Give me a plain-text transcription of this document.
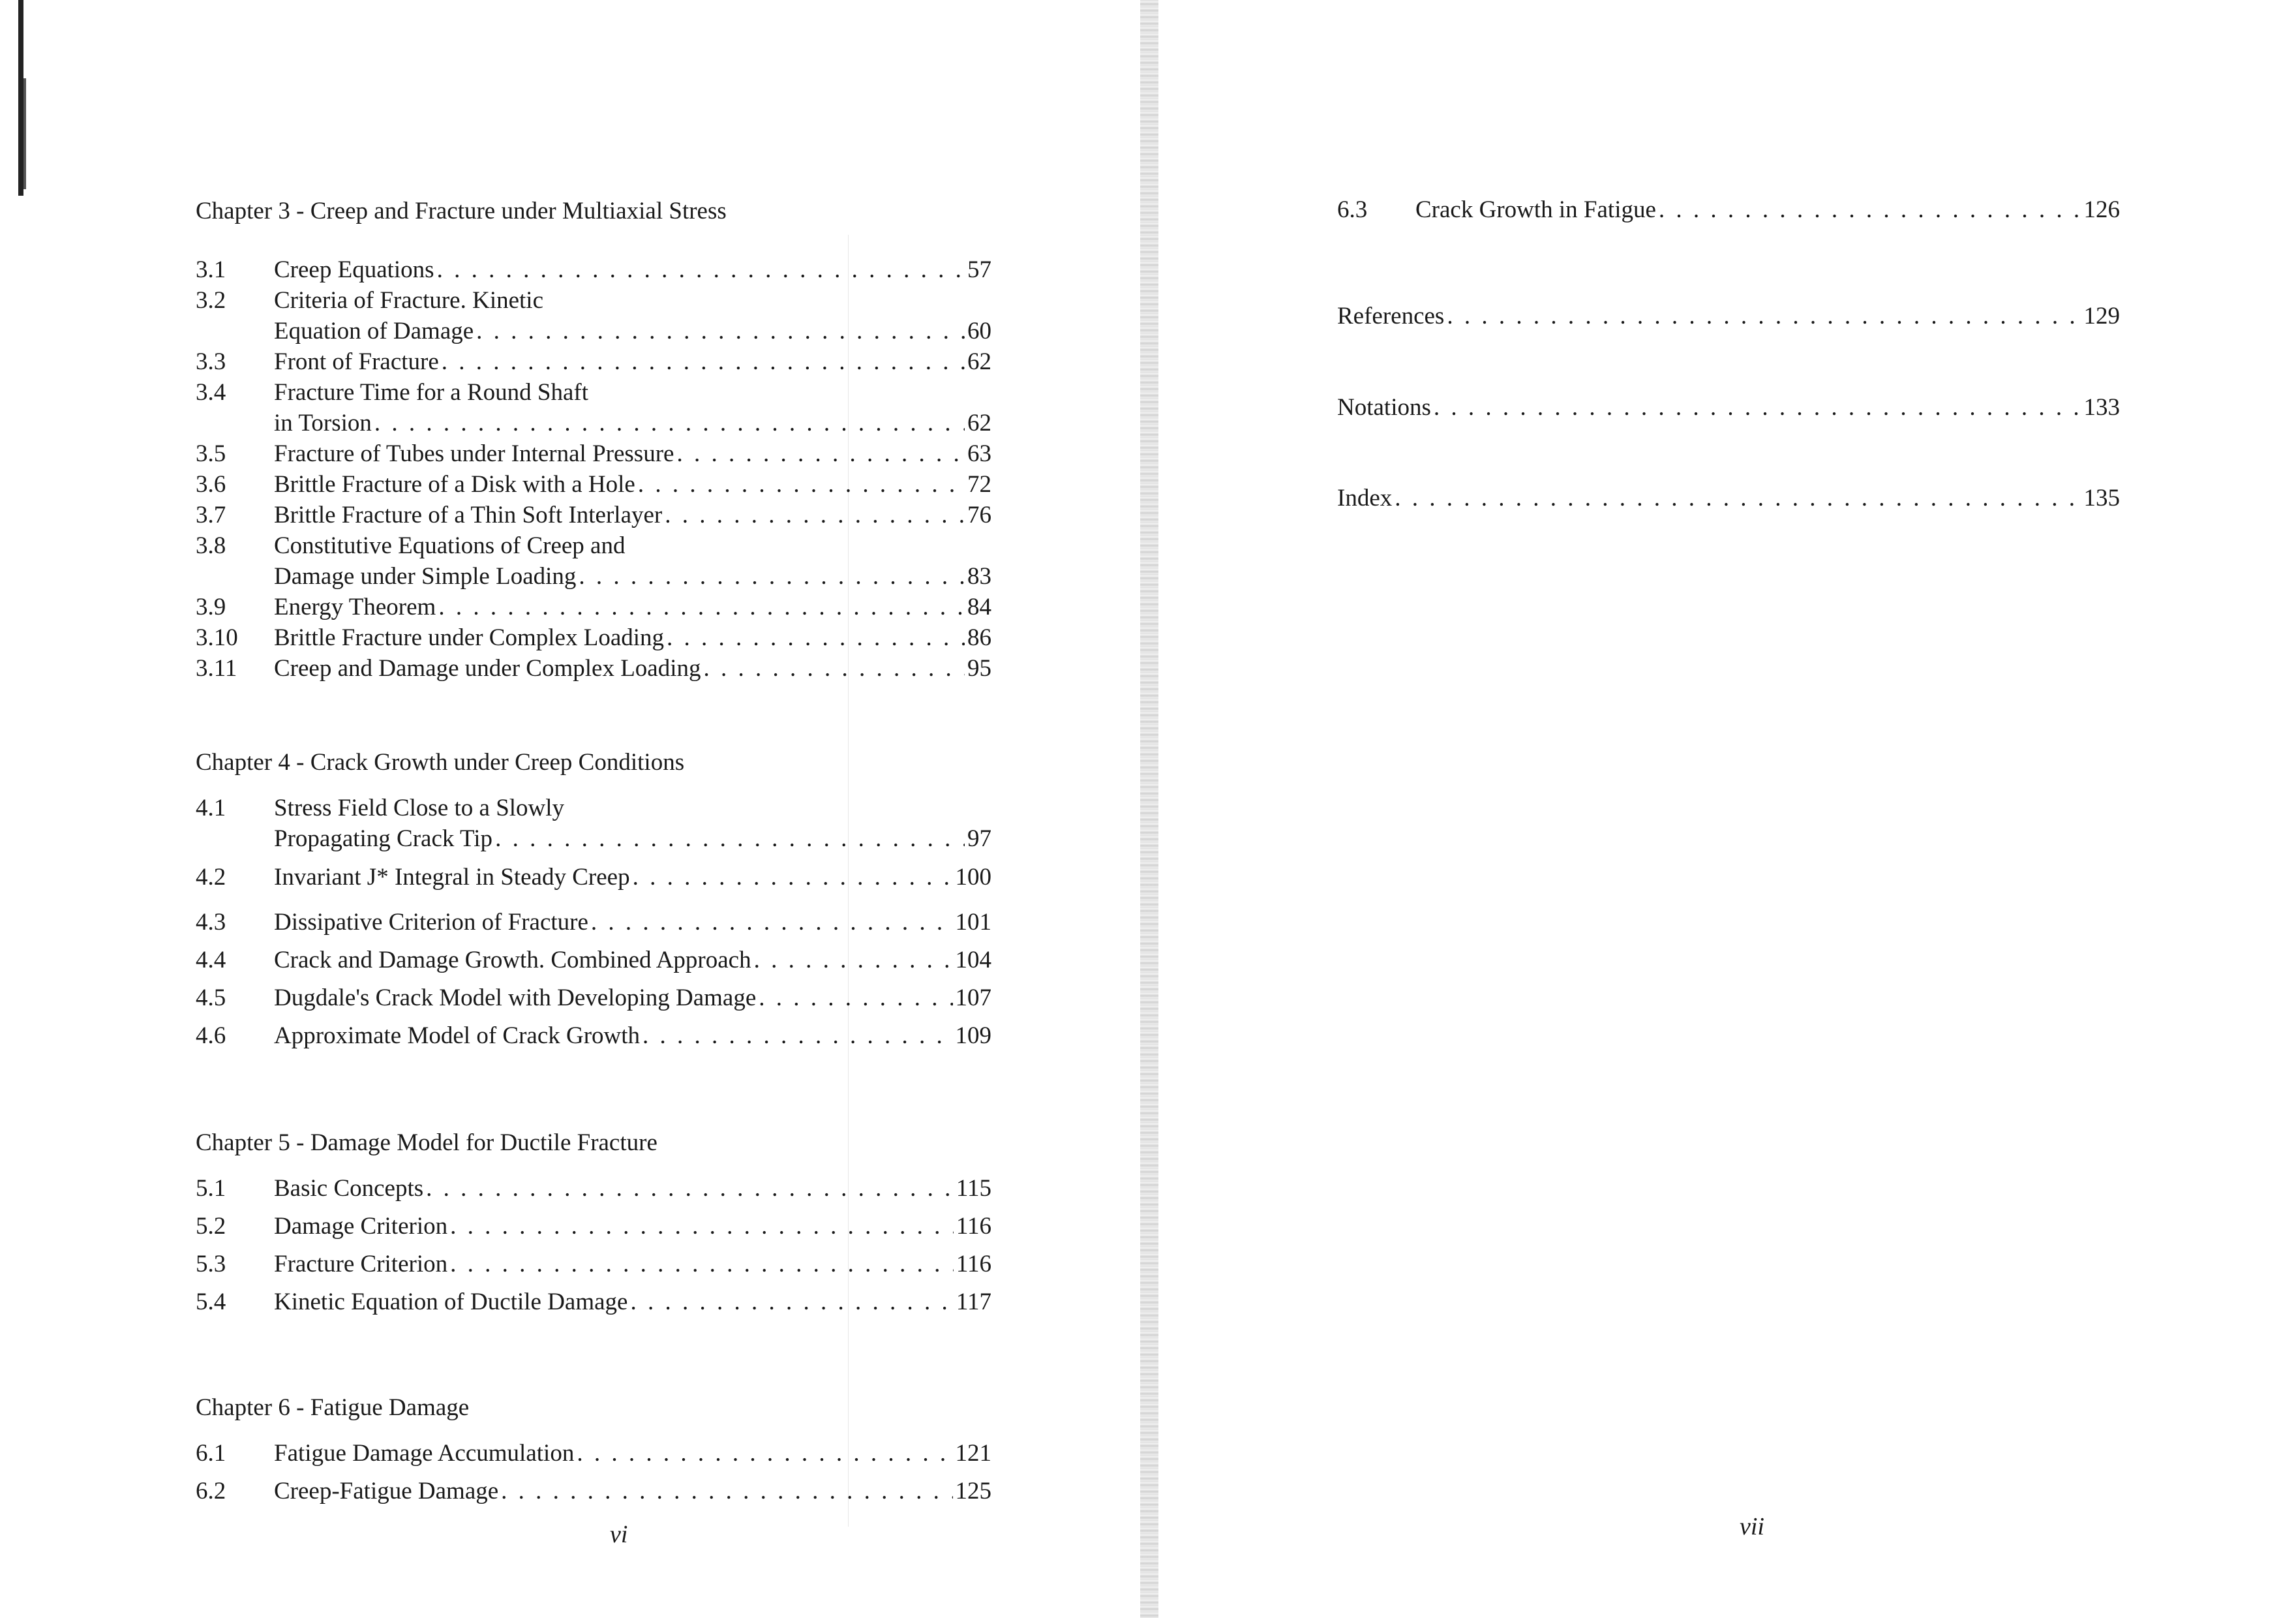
Chapter 3 - Creep and Fracture under Multiaxial Stress
3.1	Creep Equations . . .	57
3.2	Criteria of Fracture. Kinetic
Equation of Damage . . .	60
3.3	Front of Fracture . . .	62
3.4	Fracture Time for a Round Shaft
in Torsion . . .	62
3.5	Fracture of Tubes under Internal Pressure . . .	63
3.6	Brittle Fracture of a Disk with a Hole . . .	72
3.7	Brittle Fracture of a Thin Soft Interlayer . . .	76
3.8	Constitutive Equations of Creep and
Damage under Simple Loading . . .	83
3.9	Energy Theorem . . .	84
3.10	Brittle Fracture under Complex Loading . . .	86
3.11	Creep and Damage under Complex Loading . . .	95
Chapter 4 - Crack Growth under Creep Conditions
4.1	Stress Field Close to a Slowly
Propagating Crack Tip . . .	97
4.2	Invariant J* Integral in Steady Creep . . .	100
4.3	Dissipative Criterion of Fracture . . .	101
4.4	Crack and Damage Growth. Combined Approach . . .	104
4.5	Dugdale's Crack Model with Developing Damage . . .	107
4.6	Approximate Model of Crack Growth . . .	109
Chapter 5 - Damage Model for Ductile Fracture
5.1	Basic Concepts . . .	115
5.2	Damage Criterion . . .	116
5.3	Fracture Criterion . . .	116
5.4	Kinetic Equation of Ductile Damage . . .	117
Chapter 6 - Fatigue Damage
6.1	Fatigue Damage Accumulation . . .	121
6.2	Creep-Fatigue Damage . . .	125
vi
6.3	Crack Growth in Fatigue . . .	126
References . . .	129
Notations . . .	133
Index . . .	135
vii
